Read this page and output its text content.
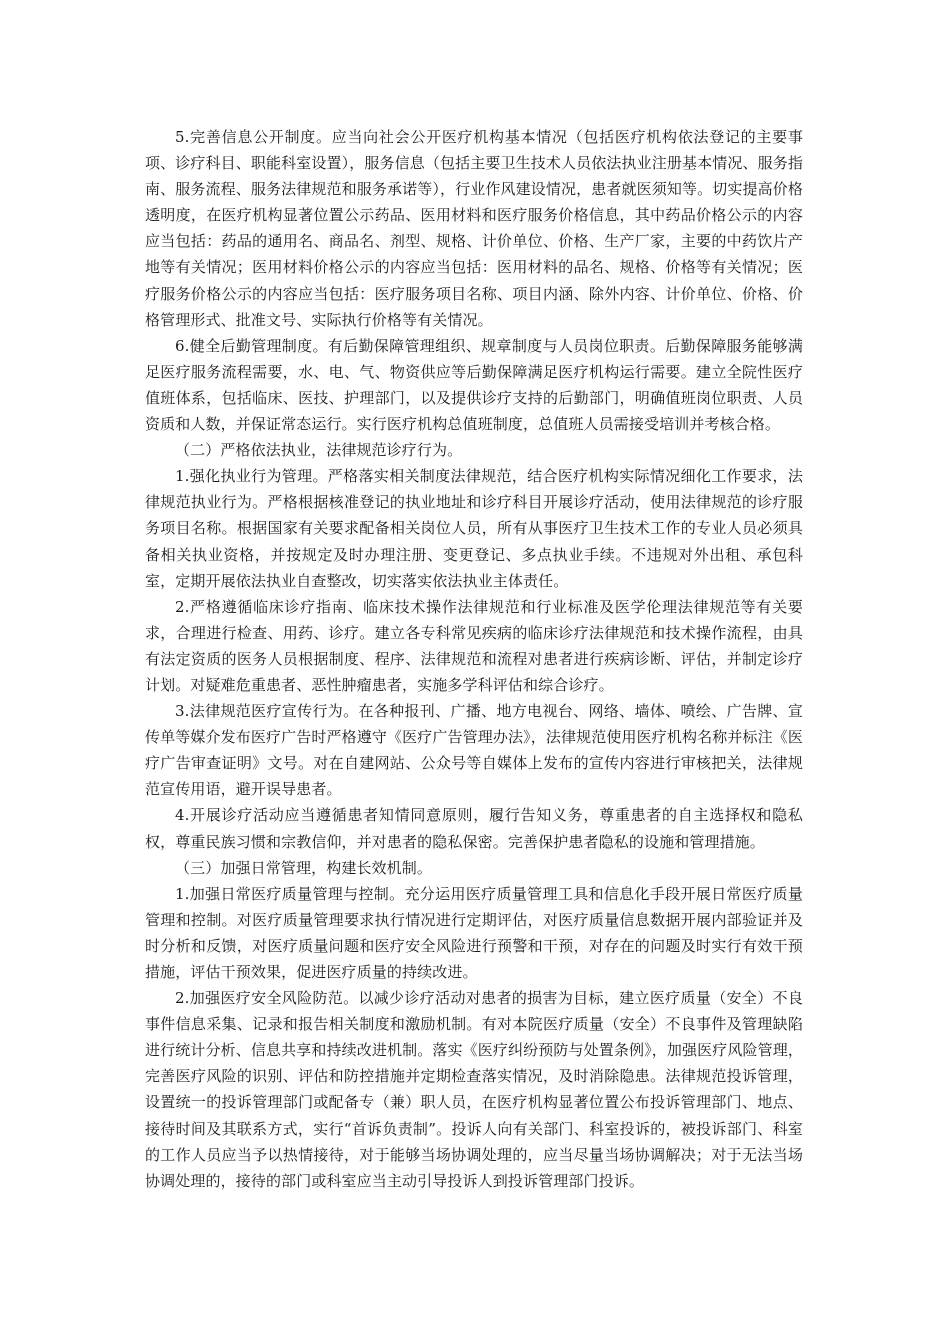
5.完善信息公开制度。应当向社会公开医疗机构基本情况（包括医疗机构依法登记的主要事项、诊疗科目、职能科室设置），服务信息（包括主要卫生技术人员依法执业注册基本情况、服务指南、服务流程、服务法律规范和服务承诺等），行业作风建设情况，患者就医须知等。切实提高价格透明度，在医疗机构显著位置公示药品、医用材料和医疗服务价格信息，其中药品价格公示的内容应当包括：药品的通用名、商品名、剂型、规格、计价单位、价格、生产厂家，主要的中药饮片产地等有关情况；医用材料价格公示的内容应当包括：医用材料的品名、规格、价格等有关情况；医疗服务价格公示的内容应当包括：医疗服务项目名称、项目内涵、除外内容、计价单位、价格、价格管理形式、批准文号、实际执行价格等有关情况。

6.健全后勤管理制度。有后勤保障管理组织、规章制度与人员岗位职责。后勤保障服务能够满足医疗服务流程需要，水、电、气、物资供应等后勤保障满足医疗机构运行需要。建立全院性医疗值班体系，包括临床、医技、护理部门，以及提供诊疗支持的后勤部门，明确值班岗位职责、人员资质和人数，并保证常态运行。实行医疗机构总值班制度，总值班人员需接受培训并考核合格。

（二）严格依法执业，法律规范诊疗行为。

1.强化执业行为管理。严格落实相关制度法律规范，结合医疗机构实际情况细化工作要求，法律规范执业行为。严格根据核准登记的执业地址和诊疗科目开展诊疗活动，使用法律规范的诊疗服务项目名称。根据国家有关要求配备相关岗位人员，所有从事医疗卫生技术工作的专业人员必须具备相关执业资格，并按规定及时办理注册、变更登记、多点执业手续。不违规对外出租、承包科室，定期开展依法执业自查整改，切实落实依法执业主体责任。

2.严格遵循临床诊疗指南、临床技术操作法律规范和行业标准及医学伦理法律规范等有关要求，合理进行检查、用药、诊疗。建立各专科常见疾病的临床诊疗法律规范和技术操作流程，由具有法定资质的医务人员根据制度、程序、法律规范和流程对患者进行疾病诊断、评估，并制定诊疗计划。对疑难危重患者、恶性肿瘤患者，实施多学科评估和综合诊疗。

3.法律规范医疗宣传行为。在各种报刊、广播、地方电视台、网络、墙体、喷绘、广告牌、宣传单等媒介发布医疗广告时严格遵守《医疗广告管理办法》，法律规范使用医疗机构名称并标注《医疗广告审查证明》文号。对在自建网站、公众号等自媒体上发布的宣传内容进行审核把关，法律规范宣传用语，避开误导患者。

4.开展诊疗活动应当遵循患者知情同意原则，履行告知义务，尊重患者的自主选择权和隐私权，尊重民族习惯和宗教信仰，并对患者的隐私保密。完善保护患者隐私的设施和管理措施。

（三）加强日常管理，构建长效机制。

1.加强日常医疗质量管理与控制。充分运用医疗质量管理工具和信息化手段开展日常医疗质量管理和控制。对医疗质量管理要求执行情况进行定期评估，对医疗质量信息数据开展内部验证并及时分析和反馈，对医疗质量问题和医疗安全风险进行预警和干预，对存在的问题及时实行有效干预措施，评估干预效果，促进医疗质量的持续改进。

2.加强医疗安全风险防范。以减少诊疗活动对患者的损害为目标，建立医疗质量（安全）不良事件信息采集、记录和报告相关制度和激励机制。有对本院医疗质量（安全）不良事件及管理缺陷进行统计分析、信息共享和持续改进机制。落实《医疗纠纷预防与处置条例》，加强医疗风险管理，完善医疗风险的识别、评估和防控措施并定期检查落实情况，及时消除隐患。法律规范投诉管理，设置统一的投诉管理部门或配备专（兼）职人员，在医疗机构显著位置公布投诉管理部门、地点、接待时间及其联系方式，实行“首诉负责制”。投诉人向有关部门、科室投诉的，被投诉部门、科室的工作人员应当予以热情接待，对于能够当场协调处理的，应当尽量当场协调解决；对于无法当场协调处理的，接待的部门或科室应当主动引导投诉人到投诉管理部门投诉。
